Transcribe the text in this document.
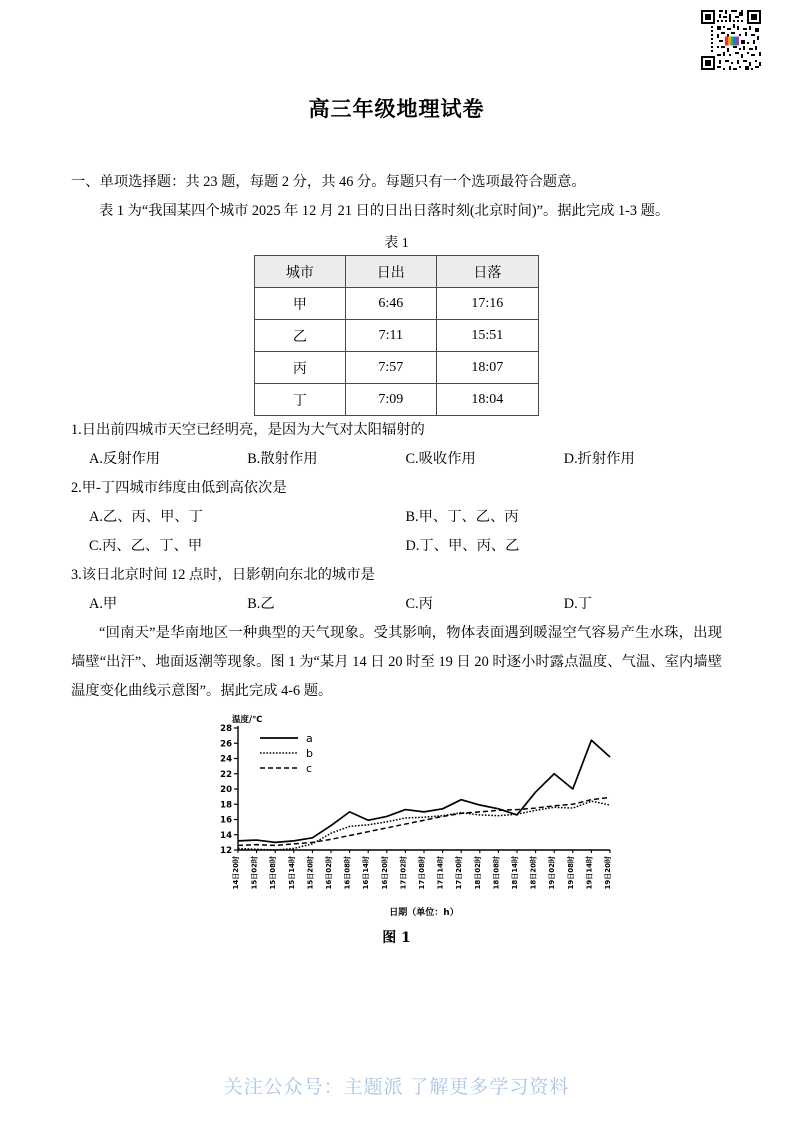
高三年级地理试卷

一、单项选择题：共 23 题，每题 2 分，共 46 分。每题只有一个选项最符合题意。

表 1 为“我国某四个城市 2025 年 12 月 21 日的日出日落时刻(北京时间)”。据此完成 1-3 题。

表 1
城市	日出	日落
甲	6:46	17:16
乙	7:11	15:51
丙	7:57	18:07
丁	7:09	18:04
1.日出前四城市天空已经明亮，是因为大气对太阳辐射的
A.反射作用	B.散射作用	C.吸收作用	D.折射作用
2.甲-丁四城市纬度由低到高依次是
A.乙、丙、甲、丁	B.甲、丁、乙、丙
C.丙、乙、丁、甲	D.丁、甲、丙、乙
3.该日北京时间 12 点时，日影朝向东北的城市是
A.甲	B.乙	C.丙	D.丁

“回南天”是华南地区一种典型的天气现象。受其影响，物体表面遇到暖湿空气容易产生水珠，出现墙壁“出汗”、地面返潮等现象。图 1 为“某月 14 日 20 时至 19 日 20 时逐小时露点温度、气温、室内墙壁温度变化曲线示意图”。据此完成 4-6 题。

温度/℃
12
14
16
18
20
22
24
26
28
14日20时 15日02时 15日08时 15日14时 15日20时 16日02时 16日08时 16日14时 16日20时 17日02时 17日08时 17日14时 17日20时 18日02时 18日08时 18日14时 18日20时 19日02时 19日08时 19日14时 19日20时
日期（单位：h）
a
b
c
图 1
关注公众号：主题派 了解更多学习资料
